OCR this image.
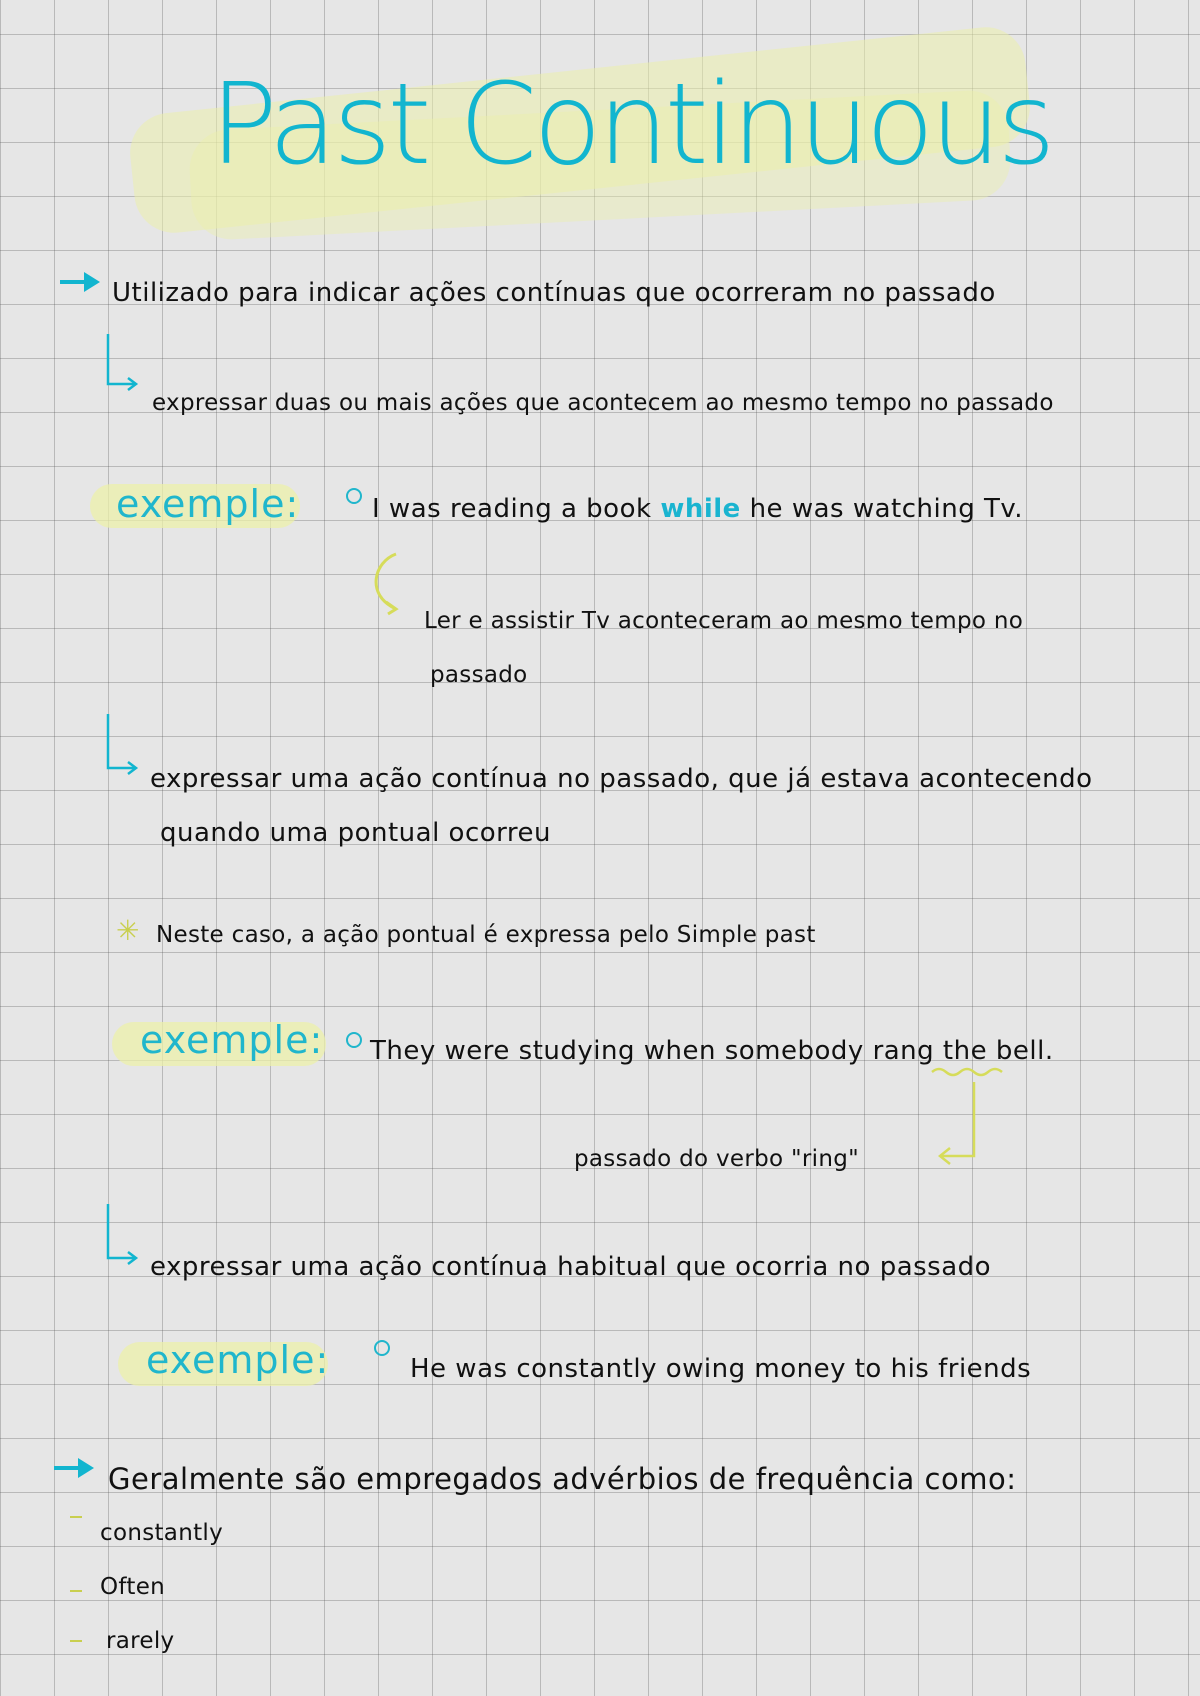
Past Continuous
Utilizado para indicar ações contínuas que ocorreram no passado
expressar duas ou mais ações que acontecem ao mesmo tempo no passado
exemple:	I was reading a book while he was watching Tv.
Ler e assistir Tv aconteceram ao mesmo tempo no
passado
expressar uma ação contínua no passado, que já estava acontecendo
quando uma pontual ocorreu
✳ Neste caso, a ação pontual é expressa pelo Simple past
exemple: They were studying when somebody rang the bell.
passado do verbo "ring"
expressar uma ação contínua habitual que ocorria no passado
exemple:	He was constantly owing money to his friends
Geralmente são empregados advérbios de frequência como:
constantly
Often
rarely
